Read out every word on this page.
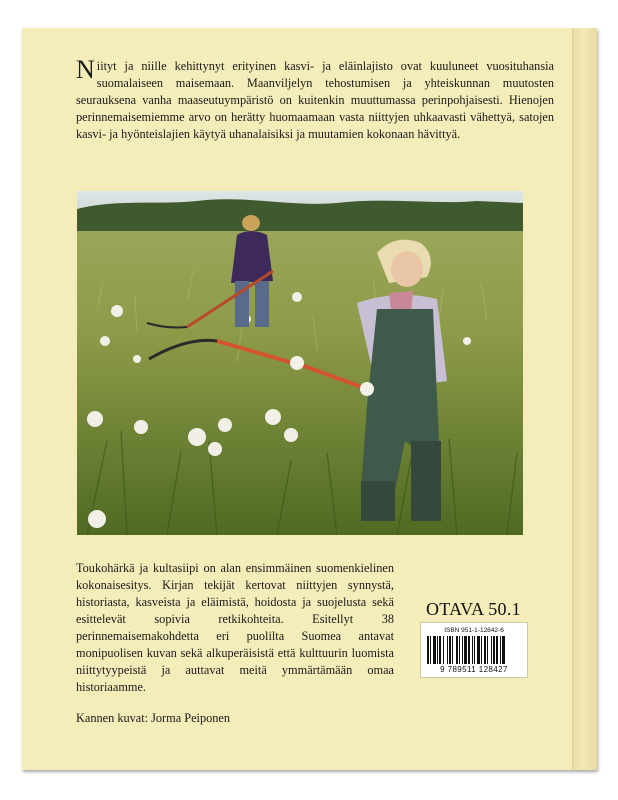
Niityt ja niille kehittynyt erityinen kasvi- ja eläinlajisto ovat kuuluneet vuosituhansia suomalaiseen maisemaan. Maanviljelyn tehostumisen ja yhteiskunnan muutosten seurauksena vanha maaseutuympäristö on kuitenkin muuttumassa perinpohjaisesti. Hienojen perinnemaisemiemme arvo on herätty huomaamaan vasta niittyjen uhkaavasti vähettyä, satojen kasvi- ja hyönteislajien käytyä uhanalaisiksi ja muutamien kokonaan hävittyä.

Toukohärkä ja kultasiipi on alan ensimmäinen suomenkielinen kokonaisesitys. Kirjan tekijät kertovat niittyjen synnystä, historiasta, kasveista ja eläimistä, hoidosta ja suojelusta sekä esittelevät sopivia retkikohteita. Esitellyt 38 perinnemaisemakohdetta eri puolilta Suomea antavat monipuolisen kuvan sekä alkuperäisistä että kulttuurin luomista niittytyypeistä ja auttavat meitä ymmärtämään omaa historiaamme.

OTAVA 50.1
ISBN 951-1-12842-6
9 789511 128427

Kannen kuvat: Jorma Peiponen
